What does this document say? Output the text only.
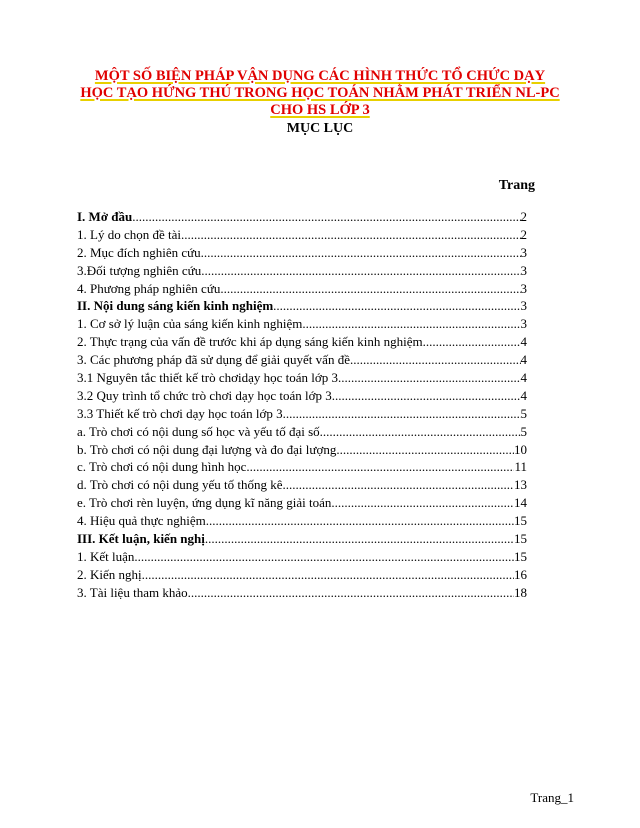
MỘT SỐ BIỆN PHÁP VẬN DỤNG CÁC HÌNH THỨC TỔ CHỨC DẠY
HỌC TẠO HỨNG THÚ TRONG HỌC TOÁN NHẰM PHÁT TRIỂN NL-PC
CHO HS LỚP 3
MỤC LỤC
Trang
I. Mở đầu .....	2
1. Lý do chọn đề tài .....	2
2. Mục đích nghiên cứu .....	3
3.Đối tượng nghiên cứu .....	3
4. Phương pháp nghiên cứu .....	3
II. Nội dung sáng kiến kinh nghiệm .....	3
1. Cơ sở lý luận của sáng kiến kinh nghiệm .....	3
2. Thực trạng của vấn đề trước khi áp dụng sáng kiến kinh nghiệm .....	4
3. Các phương pháp đã sử dụng để giải quyết vấn đề .....	4
3.1 Nguyên tắc thiết kế trò chơidạy học toán lớp 3 .....	4
3.2 Quy trình tổ chức trò chơi dạy học toán lớp 3 .....	4
3.3 Thiết kế trò chơi dạy học toán lớp 3 .....	5
a. Trò chơi có nội dung số học và yếu tố đại số .....	5
b. Trò chơi có nội dung đại lượng và đo đại lượng .....	10
c. Trò chơi có nội dung hình học .....	11
d. Trò chơi có nội dung yếu tố thống kê .....	13
e. Trò chơi rèn luyện, ứng dụng kĩ năng giải toán .....	14
4. Hiệu quả thực nghiệm .....	15
III. Kết luận, kiến nghị .....	15
1. Kết luận .....	15
2. Kiến nghị .....	16
3. Tài liệu tham khảo .....	18
Trang_1
